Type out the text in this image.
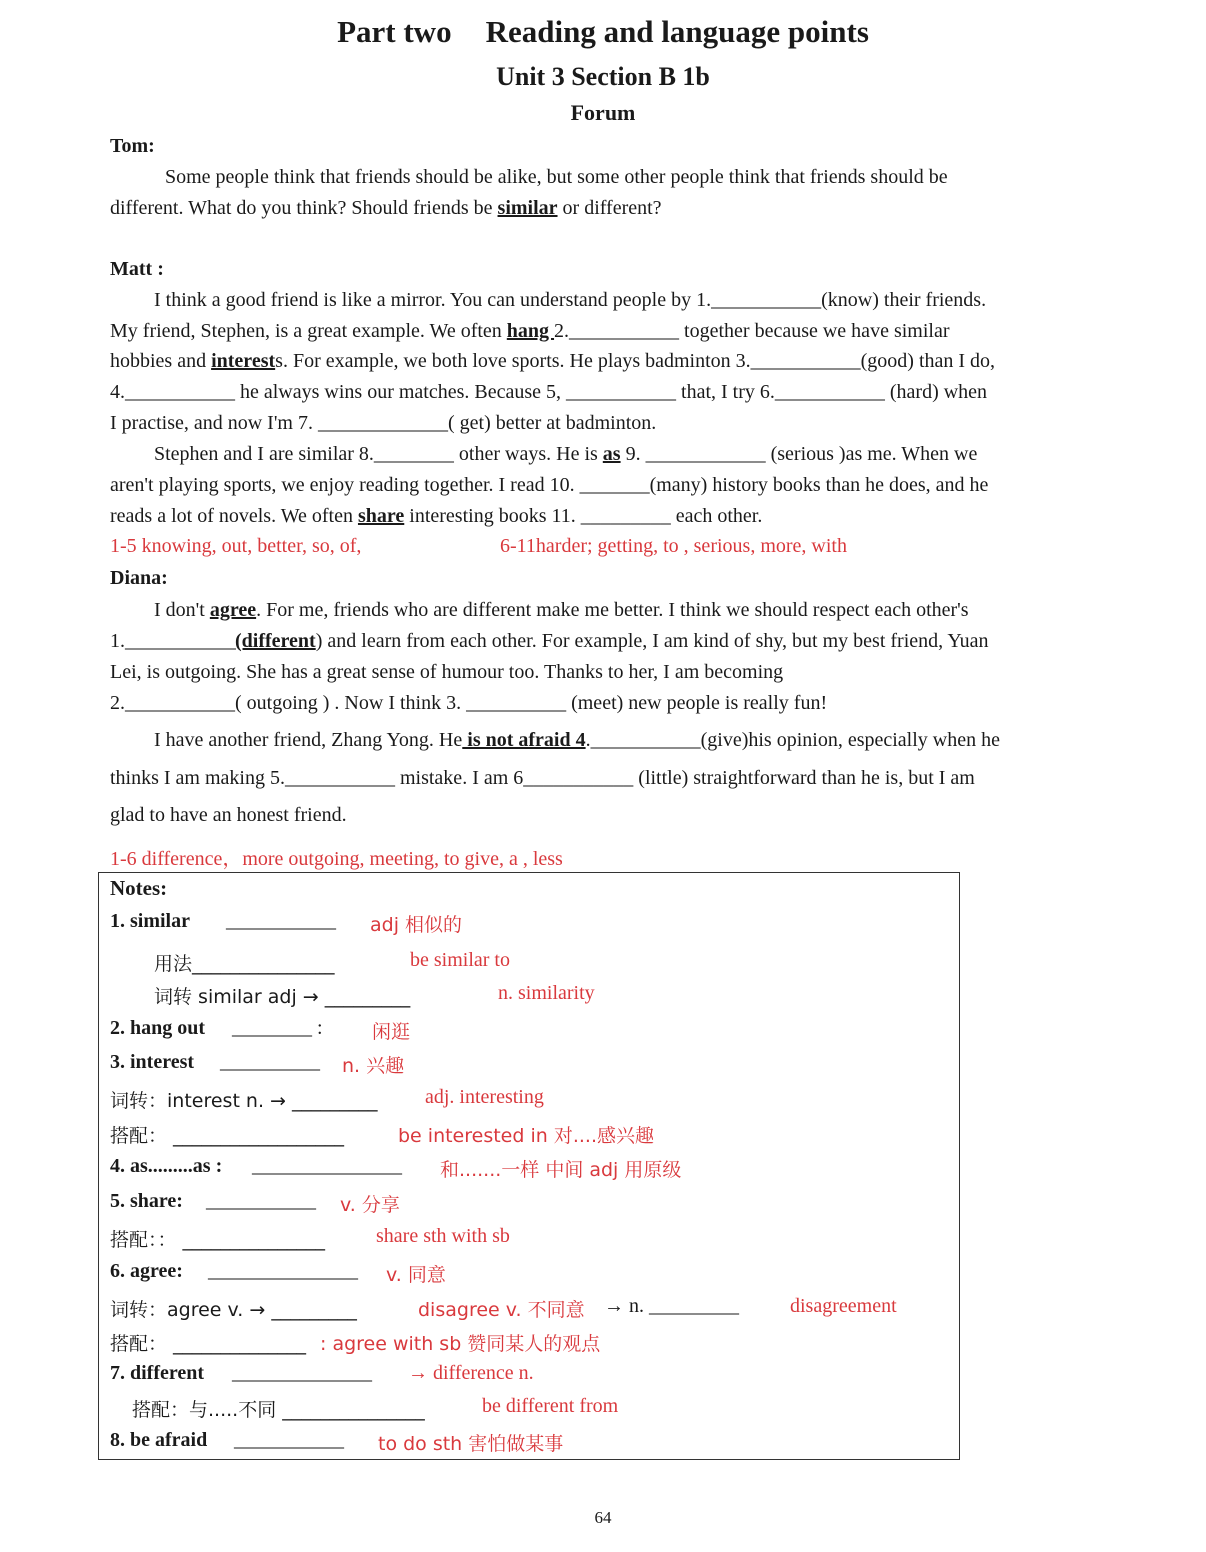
Part two Reading and language points
Unit 3 Section B 1b
Forum
Tom:
Some people think that friends should be alike, but some other people think that friends should be
different. What do you think? Should friends be similar or different?
Matt :
I think a good friend is like a mirror. You can understand people by 1.___________(know) their friends.
My friend, Stephen, is a great example. We often hang 2.___________ together because we have similar
hobbies and interests. For example, we both love sports. He plays badminton 3.___________(good) than I do,
4.___________ he always wins our matches. Because 5, ___________ that, I try 6.___________ (hard) when
I practise, and now I'm 7. _____________( get) better at badminton.
Stephen and I are similar 8.________ other ways. He is as 9. ____________ (serious )as me. When we
aren't playing sports, we enjoy reading together. I read 10. _______(many) history books than he does, and he
reads a lot of novels. We often share interesting books 11. _________ each other.
1-5 knowing, out, better, so, of,	6-11harder; getting, to , serious, more, with
Diana:
I don't agree. For me, friends who are different make me better. I think we should respect each other's
1.___________(different) and learn from each other. For example, I am kind of shy, but my best friend, Yuan
Lei, is outgoing. She has a great sense of humour too. Thanks to her, I am becoming
2.___________( outgoing ) . Now I think 3. __________ (meet) new people is really fun!
I have another friend, Zhang Yong. He is not afraid 4.___________(give)his opinion, especially when he
thinks I am making 5.___________ mistake. I am 6___________ (little) straightforward than he is, but I am
glad to have an honest friend.
1-6 difference，more outgoing, meeting, to give, a , less
Notes:
1. similar ___________ adj 相似的
用法_______________	be similar to
词转 similar adj → _________	n. similarity
2. hang out ________ :	闲逛
3. interest __________ n. 兴趣
词转：interest n. → _________ adj. interesting
搭配： __________________	be interested in 对....感兴趣
4. as.........as : _______________ 和.......一样 中间 adj 用原级
5. share: ___________ v. 分享
搭配：： _______________	share sth with sb
6. agree: _______________ v. 同意
词转：agree v. → _________	disagree v. 不同意 → n. _________	disagreement
搭配： ______________ : agree with sb 赞同某人的观点
7. different ______________ → difference n.
搭配：与.....不同 _______________	be different from
8. be afraid ___________ to do sth 害怕做某事
64
